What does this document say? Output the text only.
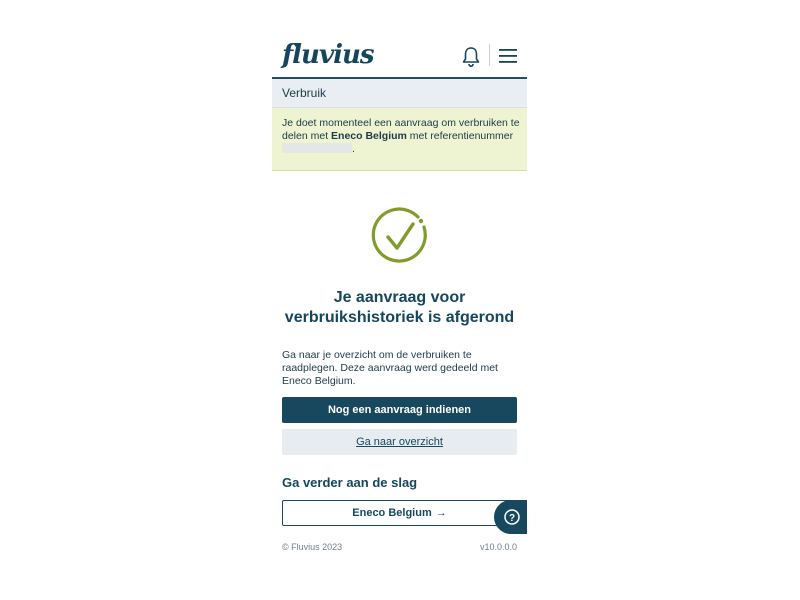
fluvius
Verbruik

Je doet momenteel een aanvraag om verbruiken te delen met Eneco Belgium met referentienummer .

Je aanvraag voor verbruikshistoriek is afgerond

Ga naar je overzicht om de verbruiken te raadplegen. Deze aanvraag werd gedeeld met Eneco Belgium.

Nog een aanvraag indienen
Ga naar overzicht
Ga verder aan de slag
Eneco Belgium →	?
© Fluvius 2023	v10.0.0.0
